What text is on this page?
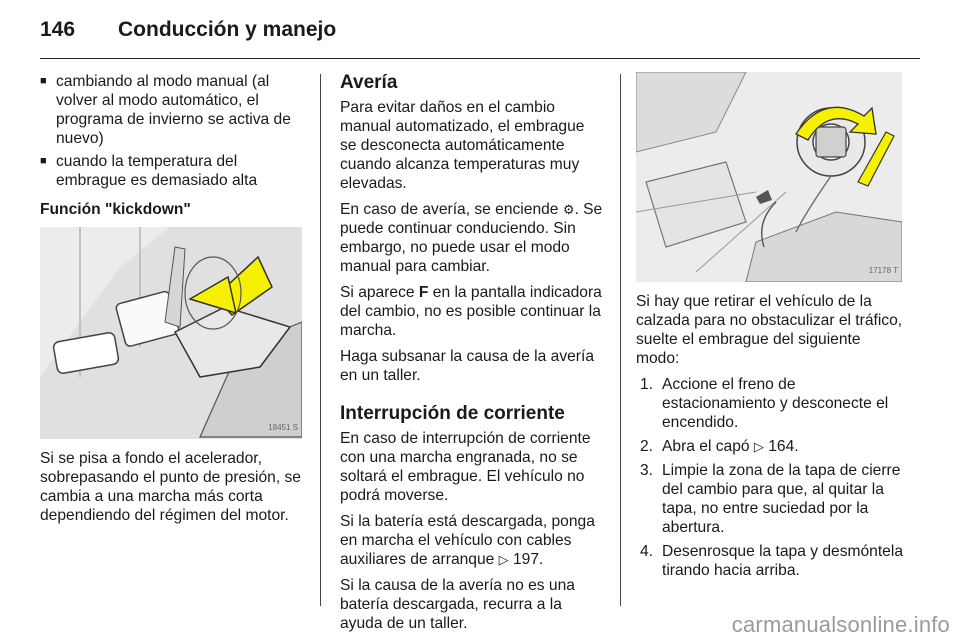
146 Conducción y manejo
■ cambiando al modo manual (al volver al modo automático, el programa de invierno se activa de nuevo)
■ cuando la temperatura del embrague es demasiado alta
Función "kickdown"
18451 S

Si se pisa a fondo el acelerador, sobrepasando el punto de presión, se cambia a una marcha más corta dependiendo del régimen del motor.

Avería

Para evitar daños en el cambio manual automatizado, el embrague se desconecta automáticamente cuando alcanza temperaturas muy elevadas.

En caso de avería, se enciende ⚙. Se puede continuar conduciendo. Sin embargo, no puede usar el modo manual para cambiar.

Si aparece F en la pantalla indicadora del cambio, no es posible continuar la marcha.

Haga subsanar la causa de la avería en un taller.

Interrupción de corriente

En caso de interrupción de corriente con una marcha engranada, no se soltará el embrague. El vehículo no podrá moverse.

Si la batería está descargada, ponga en marcha el vehículo con cables auxiliares de arranque ▷ 197.

Si la causa de la avería no es una batería descargada, recurra a la ayuda de un taller.

17178 T

Si hay que retirar el vehículo de la calzada para no obstaculizar el tráfico, suelte el embrague del siguiente modo:

1. Accione el freno de estacionamiento y desconecte el encendido.
2. Abra el capó ▷ 164.
3. Limpie la zona de la tapa de cierre del cambio para que, al quitar la tapa, no entre suciedad por la abertura.
4. Desenrosque la tapa y desmóntela tirando hacia arriba.
carmanualsonline.info
